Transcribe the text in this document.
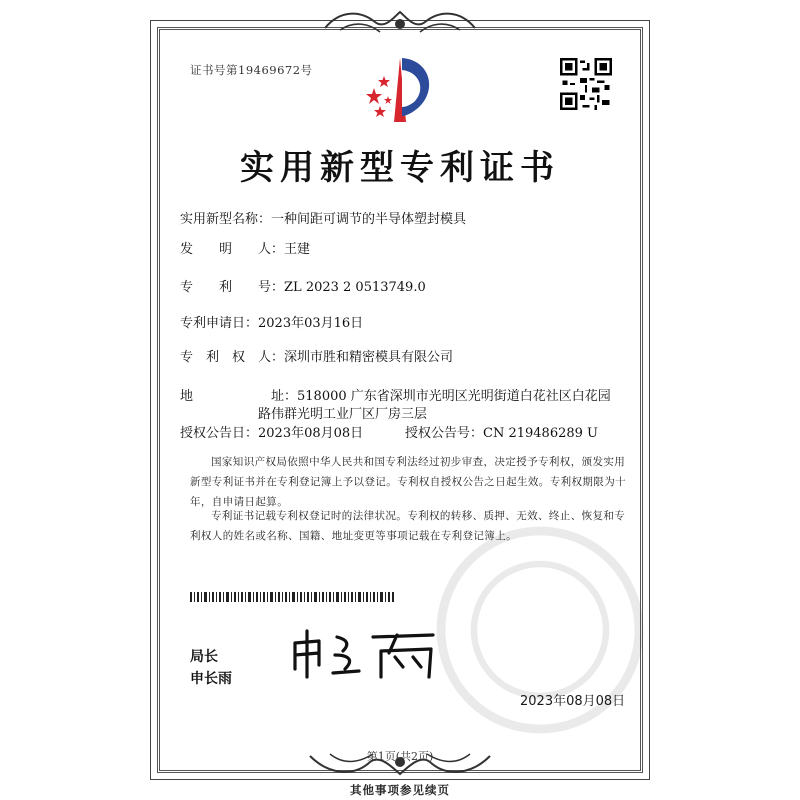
证书号第19469672号
实用新型专利证书
实用新型名称：一种间距可调节的半导体塑封模具
发　　明　　人：王建
专　　利　　号：ZL 2023 2 0513749.0
专利申请日：2023年03月16日
专　利　权　人：深圳市胜和精密模具有限公司
地　　　　　　址：518000 广东省深圳市光明区光明街道白花社区白花园
路伟群光明工业厂区厂房三层
授权公告日：2023年08月08日	授权公告号：CN 219486289 U
国家知识产权局依照中华人民共和国专利法经过初步审查，决定授予专利权，颁发实用新型专利证书并在专利登记簿上予以登记。专利权自授权公告之日起生效。专利权期限为十年，自申请日起算。
专利证书记载专利权登记时的法律状况。专利权的转移、质押、无效、终止、恢复和专利权人的姓名或名称、国籍、地址变更等事项记载在专利登记簿上。
局长
申长雨
2023年08月08日
第1页(共2页)
其他事项参见续页
